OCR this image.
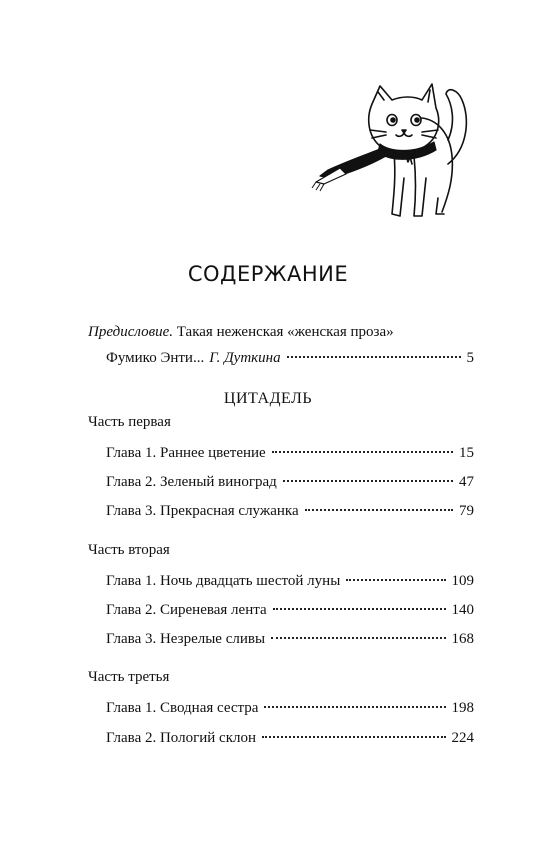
СОДЕРЖАНИЕ
Предисловие. Такая неженская «женская проза»
Фумико Энти... Г. Дуткина	5
ЦИТАДЕЛЬ
Часть первая
Глава 1. Раннее цветение	15
Глава 2. Зеленый виноград	47
Глава 3. Прекрасная служанка	79
Часть вторая
Глава 1. Ночь двадцать шестой луны	109
Глава 2. Сиреневая лента	140
Глава 3. Незрелые сливы	168
Часть третья
Глава 1. Сводная сестра	198
Глава 2. Пологий склон	224
